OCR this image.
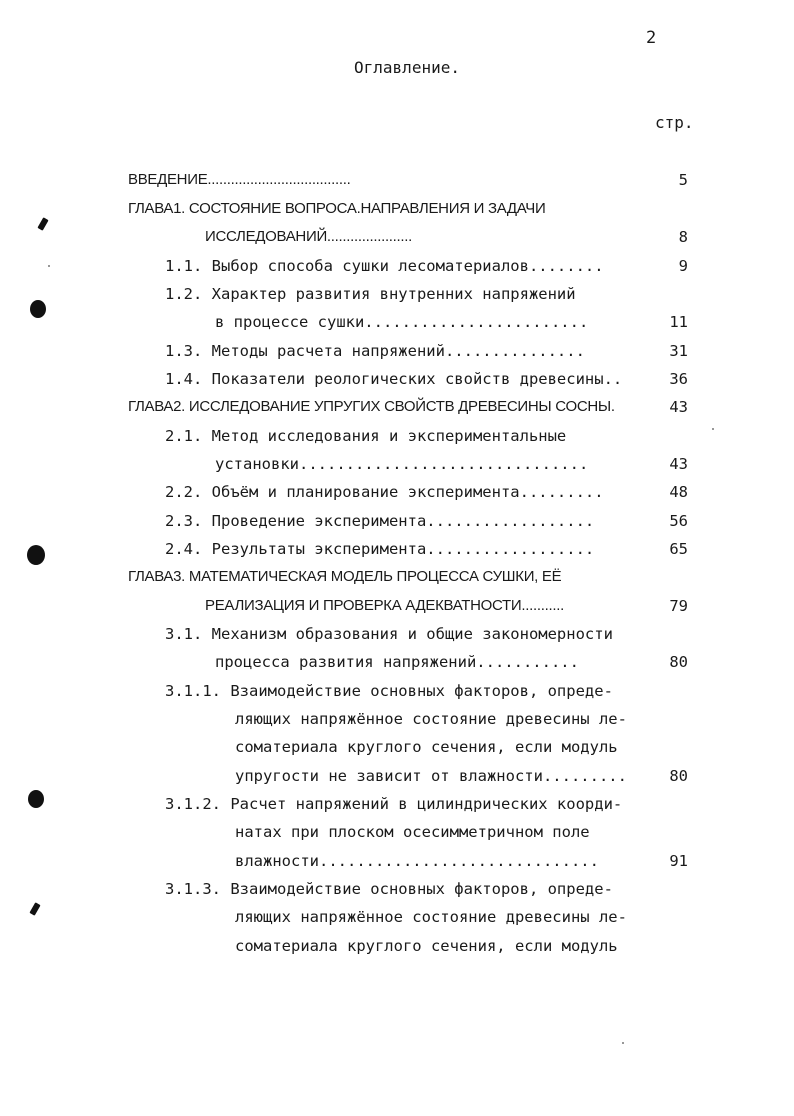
2
Оглавление.
стр.
ВВЕДЕНИЕ.....................................	5
ГЛАВА1. СОСТОЯНИЕ ВОПРОСА.НАПРАВЛЕНИЯ И ЗАДАЧИ
ИССЛЕДОВАНИЙ......................	8
1.1. Выбор способа сушки лесоматериалов........	9
1.2. Характер развития внутренних напряжений
в процессе сушки........................	11
1.3. Методы расчета напряжений...............	31
1.4. Показатели реологических свойств древесины..	36
ГЛАВА2. ИССЛЕДОВАНИЕ УПРУГИХ СВОЙСТВ ДРЕВЕСИНЫ СОСНЫ.	43
2.1. Метод исследования и экспериментальные
установки...............................	43
2.2. Объём и планирование эксперимента.........	48
2.3. Проведение эксперимента..................	56
2.4. Результаты эксперимента..................	65
ГЛАВА3. МАТЕМАТИЧЕСКАЯ МОДЕЛЬ ПРОЦЕССА СУШКИ, ЕЁ
РЕАЛИЗАЦИЯ И ПРОВЕРКА АДЕКВАТНОСТИ...........	79
3.1. Механизм образования и общие закономерности
процесса развития напряжений...........	80
3.1.1. Взаимодействие основных факторов, опреде-
ляющих напряжённое состояние древесины ле-
соматериала круглого сечения, если модуль
упругости не зависит от влажности.........	80
3.1.2. Расчет напряжений в цилиндрических коорди-
натах при плоском осесимметричном поле
влажности..............................	91
3.1.3. Взаимодействие основных факторов, опреде-
ляющих напряжённое состояние древесины ле-
соматериала круглого сечения, если модуль
